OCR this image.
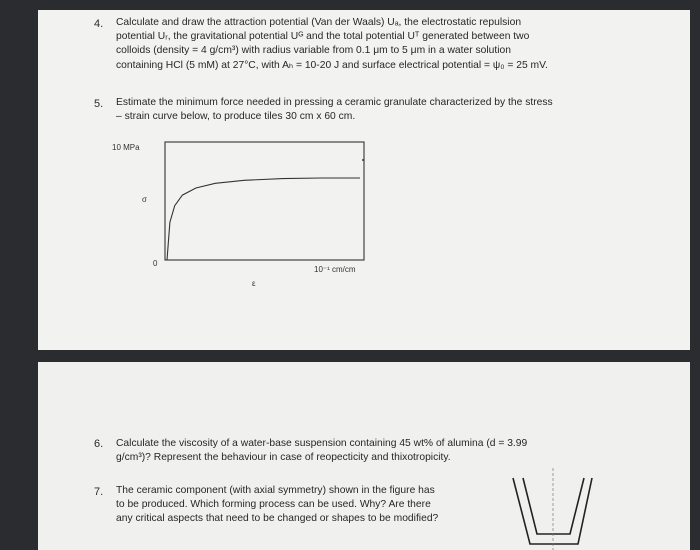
4. Calculate and draw the attraction potential (Van der Waals) Uₐ, the electrostatic repulsion

potential Uᵣ, the gravitational potential Uᴳ and the total potential Uᵀ generated between two

colloids (density = 4 g/cm³) with radius variable from 0.1 μm to 5 μm in a water solution

containing HCl (5 mM) at 27°C, with Aₕ = 10-20 J and surface electrical potential = ψ₀ = 25 mV.

5. Estimate the minimum force needed in pressing a ceramic granulate characterized by the stress

– strain curve below, to produce tiles 30 cm x 60 cm.

10 MPa
σ
0
10⁻¹ cm/cm
ε
6. Calculate the viscosity of a water-base suspension containing 45 wt% of alumina (d = 3.99

g/cm³)? Represent the behaviour in case of reopecticity and thixotropicity.

7. The ceramic component (with axial symmetry) shown in the figure has

to be produced. Which forming process can be used. Why? Are there

any critical aspects that need to be changed or shapes to be modified?
